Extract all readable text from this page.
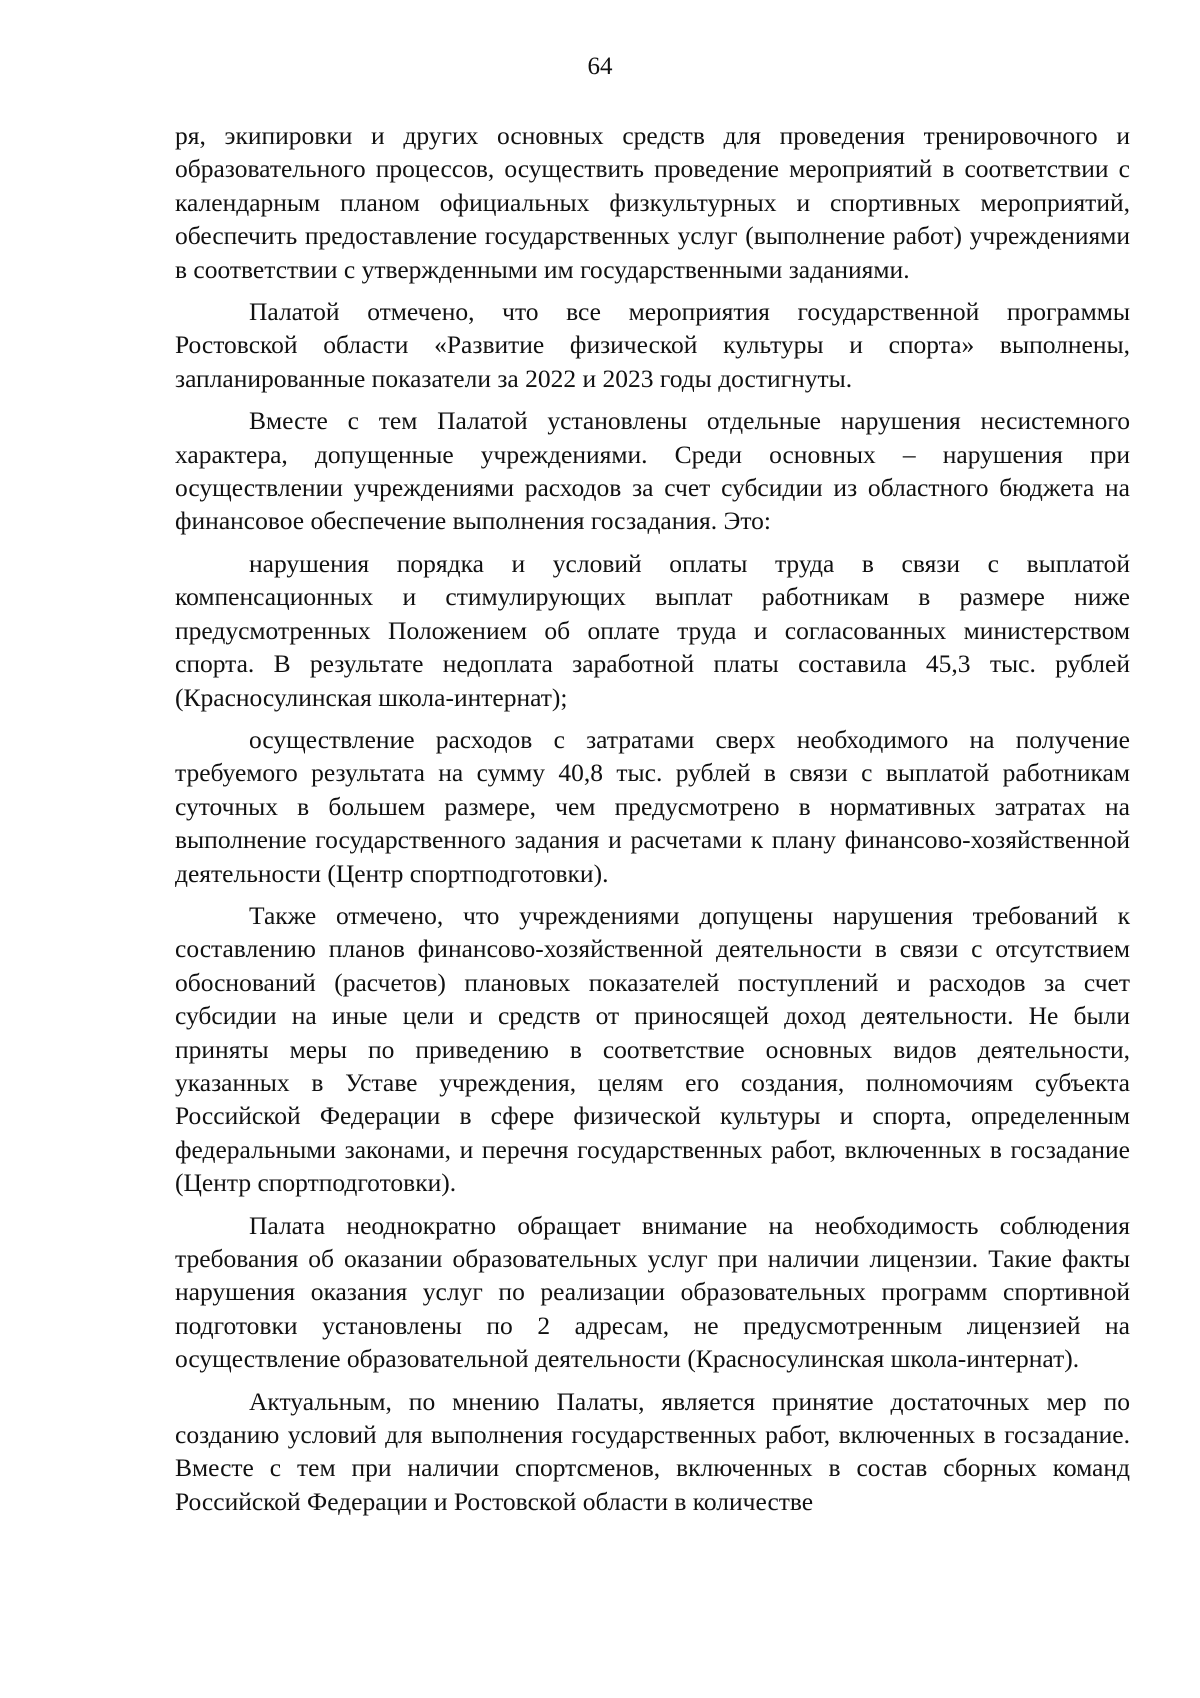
64

ря, экипировки и других основных средств для проведения тренировочного и образовательного процессов, осуществить проведение мероприятий в соответствии с календарным планом официальных физкультурных и спортивных мероприятий, обеспечить предоставление государственных услуг (выполнение работ) учреждениями в соответствии с утвержденными им государственными заданиями.

Палатой отмечено, что все мероприятия государственной программы Ростовской области «Развитие физической культуры и спорта» выполнены, запланированные показатели за 2022 и 2023 годы достигнуты.

Вместе с тем Палатой установлены отдельные нарушения несистемного характера, допущенные учреждениями. Среди основных – нарушения при осуществлении учреждениями расходов за счет субсидии из областного бюджета на финансовое обеспечение выполнения госзадания. Это:

нарушения порядка и условий оплаты труда в связи с выплатой компенсационных и стимулирующих выплат работникам в размере ниже предусмотренных Положением об оплате труда и согласованных министерством спорта. В результате недоплата заработной платы составила 45,3 тыс. рублей (Красносулинская школа-интернат);

осуществление расходов с затратами сверх необходимого на получение требуемого результата на сумму 40,8 тыс. рублей в связи с выплатой работникам суточных в большем размере, чем предусмотрено в нормативных затратах на выполнение государственного задания и расчетами к плану финансово-хозяйственной деятельности (Центр спортподготовки).

Также отмечено, что учреждениями допущены нарушения требований к составлению планов финансово-хозяйственной деятельности в связи с отсутствием обоснований (расчетов) плановых показателей поступлений и расходов за счет субсидии на иные цели и средств от приносящей доход деятельности. Не были приняты меры по приведению в соответствие основных видов деятельности, указанных в Уставе учреждения, целям его создания, полномочиям субъекта Российской Федерации в сфере физической культуры и спорта, определенным федеральными законами, и перечня государственных работ, включенных в госзадание (Центр спортподготовки).

Палата неоднократно обращает внимание на необходимость соблюдения требования об оказании образовательных услуг при наличии лицензии. Такие факты нарушения оказания услуг по реализации образовательных программ спортивной подготовки установлены по 2 адресам, не предусмотренным лицензией на осуществление образовательной деятельности (Красносулинская школа-интернат).

Актуальным, по мнению Палаты, является принятие достаточных мер по созданию условий для выполнения государственных работ, включенных в госзадание. Вместе с тем при наличии спортсменов, включенных в состав сборных команд Российской Федерации и Ростовской области в количестве
